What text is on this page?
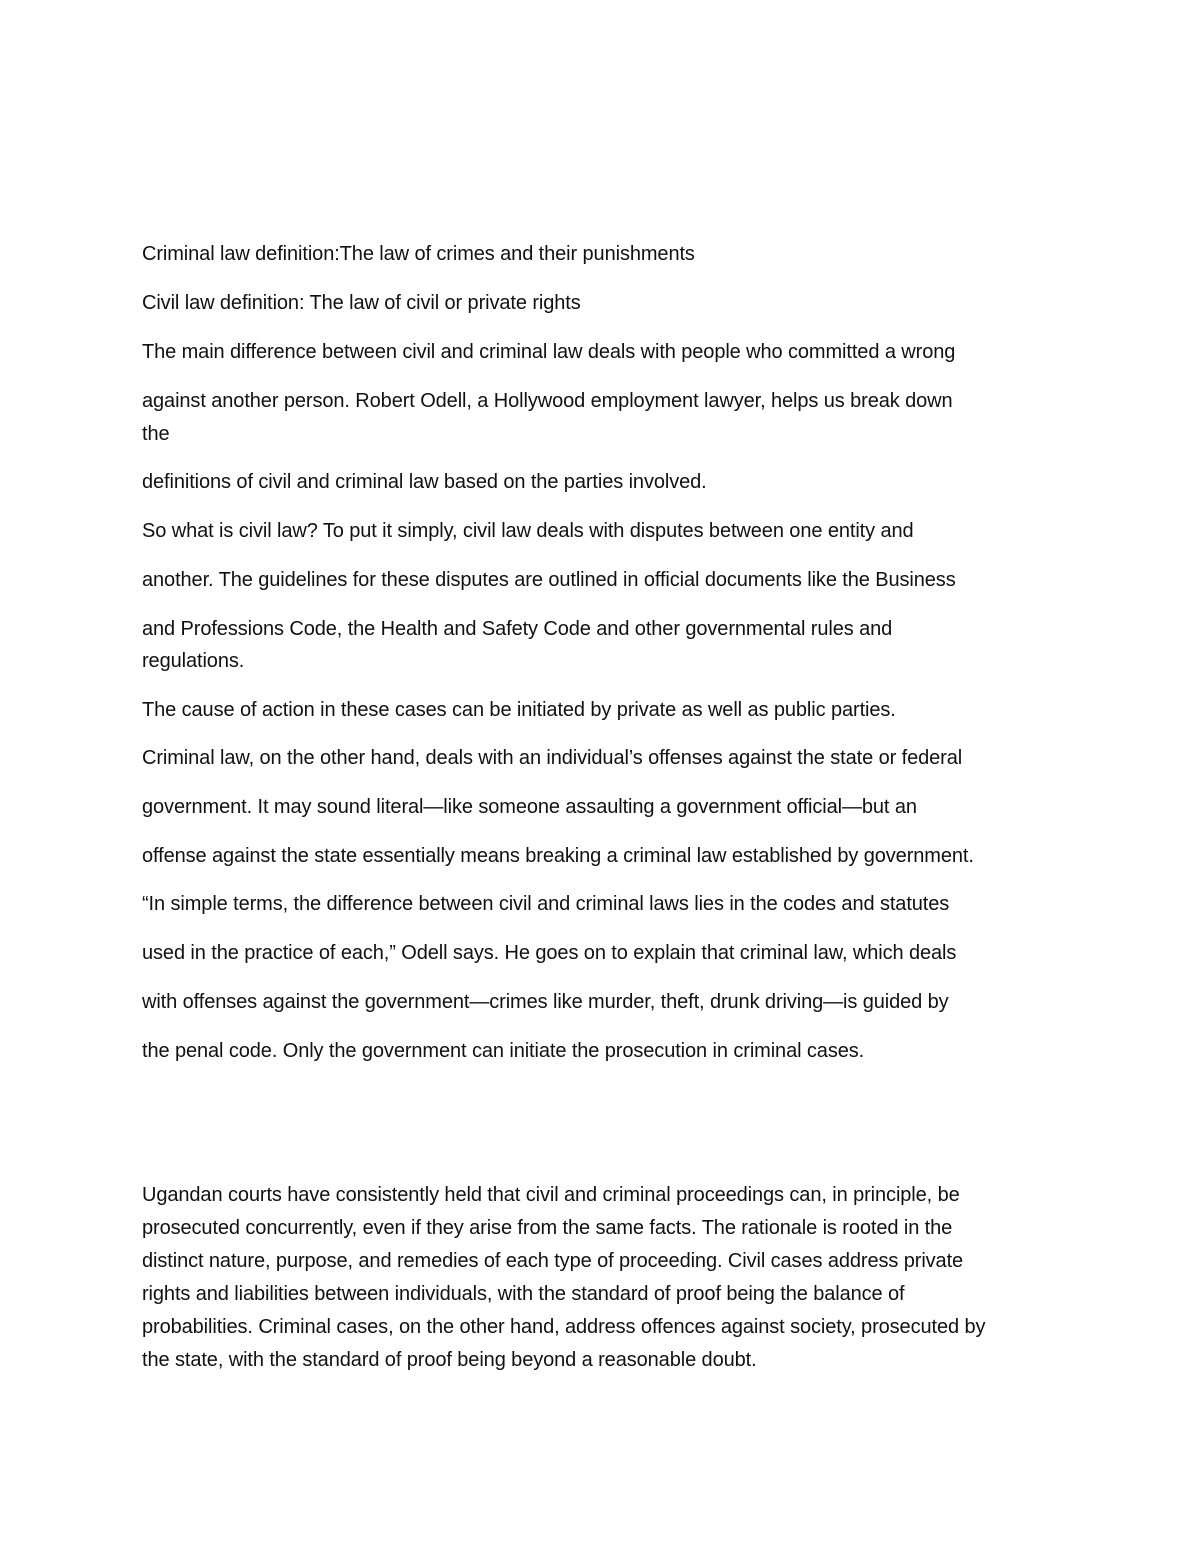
Criminal law definition:The law of crimes and their punishments
Civil law definition: The law of civil or private rights
The main difference between civil and criminal law deals with people who committed a wrong
against another person. Robert Odell, a Hollywood employment lawyer, helps us break down
the
definitions of civil and criminal law based on the parties involved.
So what is civil law? To put it simply, civil law deals with disputes between one entity and
another. The guidelines for these disputes are outlined in official documents like the Business
and Professions Code, the Health and Safety Code and other governmental rules and
regulations.
The cause of action in these cases can be initiated by private as well as public parties.
Criminal law, on the other hand, deals with an individual’s offenses against the state or federal
government. It may sound literal—like someone assaulting a government official—but an
offense against the state essentially means breaking a criminal law established by government.
“In simple terms, the difference between civil and criminal laws lies in the codes and statutes
used in the practice of each,” Odell says. He goes on to explain that criminal law, which deals
with offenses against the government—crimes like murder, theft, drunk driving—is guided by
the penal code. Only the government can initiate the prosecution in criminal cases.
Ugandan courts have consistently held that civil and criminal proceedings can, in principle, be
prosecuted concurrently, even if they arise from the same facts. The rationale is rooted in the
distinct nature, purpose, and remedies of each type of proceeding. Civil cases address private
rights and liabilities between individuals, with the standard of proof being the balance of
probabilities. Criminal cases, on the other hand, address offences against society, prosecuted by
the state, with the standard of proof being beyond a reasonable doubt.
